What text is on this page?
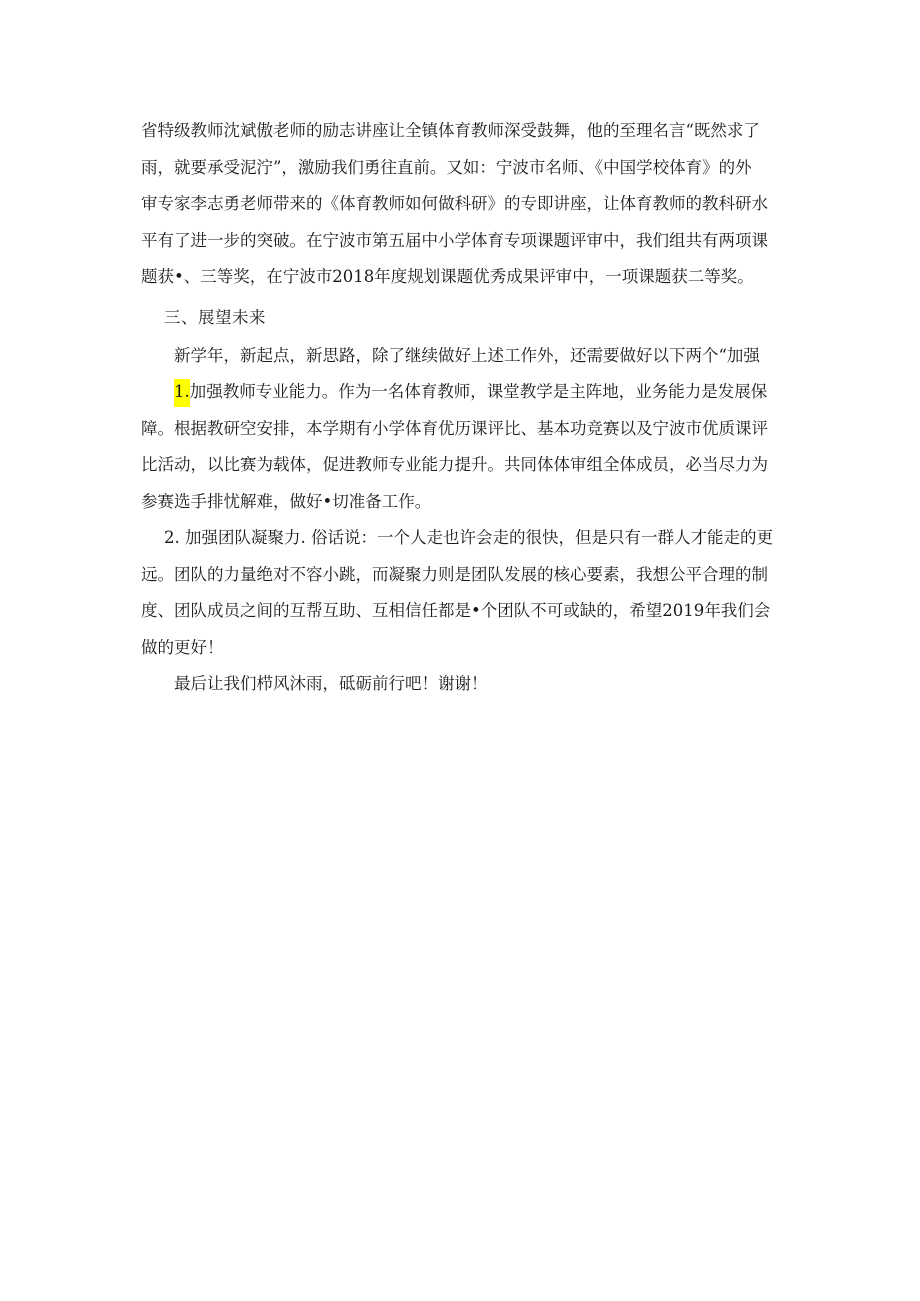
省特级教师沈斌傲老师的励志讲座让全镇体育教师深受鼓舞，他的至理名言“既然求了
雨，就要承受泥泞”，激励我们勇往直前。又如：宁波市名师、《中国学校体育》的外
审专家李志勇老师带来的《体育教师如何做科研》的专即讲座，让体育教师的教科研水
平有了进一步的突破。在宁波市第五届中小学体育专项课题评审中，我们组共有两项课
题获•、三等奖，在宁波市2018年度规划课题优秀成果评审中，一项课题获二等奖。
三、展望未来
新学年，新起点，新思路，除了继续做好上述工作外，还需要做好以下两个“加强
1.加强教师专业能力。作为一名体育教师，课堂教学是主阵地，业务能力是发展保
障。根据教研空安排，本学期有小学体育优历课评比、基本功竞赛以及宁波市优质课评
比活动，以比赛为载体，促进教师专业能力提升。共同体体审组全体成员，必当尽力为
参赛选手排忧解难，做好•切准备工作。
2. 加强团队凝聚力. 俗话说：一个人走也许会走的很快，但是只有一群人才能走的更
远。团队的力量绝对不容小跳，而凝聚力则是团队发展的核心要素，我想公平合理的制
度、团队成员之间的互帮互助、互相信任都是•个团队不可或缺的，希望2019年我们会
做的更好！
最后让我们栉风沐雨，砥砺前行吧！谢谢！
